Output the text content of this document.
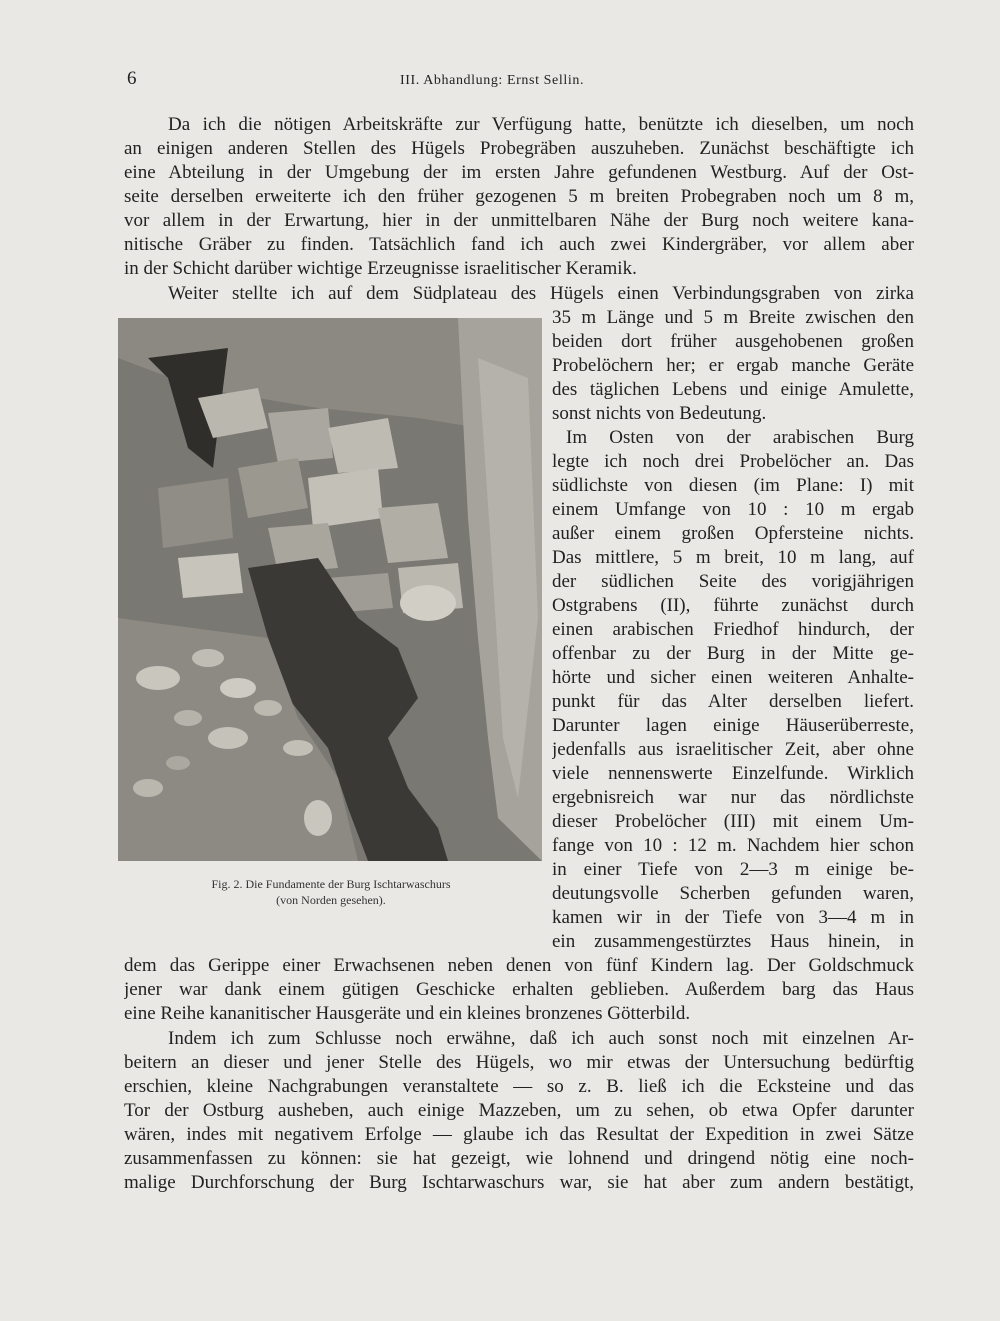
6	III. Abhandlung: Ernst Sellin.
Da ich die nötigen Arbeitskräfte zur Verfügung hatte, benützte ich dieselben, um noch
an einigen anderen Stellen des Hügels Probegräben auszuheben. Zunächst beschäftigte ich
eine Abteilung in der Umgebung der im ersten Jahre gefundenen Westburg. Auf der Ost-
seite derselben erweiterte ich den früher gezogenen 5 m breiten Probegraben noch um 8 m,
vor allem in der Erwartung, hier in der unmittelbaren Nähe der Burg noch weitere kana-
nitische Gräber zu finden. Tatsächlich fand ich auch zwei Kindergräber, vor allem aber
in der Schicht darüber wichtige Erzeugnisse israelitischer Keramik.
Weiter stellte ich auf dem Südplateau des Hügels einen Verbindungsgraben von zirka
35 m Länge und 5 m Breite zwischen den
beiden dort früher ausgehobenen großen
Probelöchern her; er ergab manche Geräte
des täglichen Lebens und einige Amulette,
sonst nichts von Bedeutung.
Im Osten von der arabischen Burg
legte ich noch drei Probelöcher an. Das
südlichste von diesen (im Plane: I) mit
einem Umfange von 10 : 10 m ergab
außer einem großen Opfersteine nichts.
Das mittlere, 5 m breit, 10 m lang, auf
der südlichen Seite des vorigjährigen
Ostgrabens (II), führte zunächst durch
einen arabischen Friedhof hindurch, der
offenbar zu der Burg in der Mitte ge-
hörte und sicher einen weiteren Anhalte-
punkt für das Alter derselben liefert.
Darunter lagen einige Häuserüberreste,
jedenfalls aus israelitischer Zeit, aber ohne
viele nennenswerte Einzelfunde. Wirklich
ergebnisreich war nur das nördlichste
dieser Probelöcher (III) mit einem Um-
fange von 10 : 12 m. Nachdem hier schon
in einer Tiefe von 2—3 m einige be-
deutungsvolle Scherben gefunden waren,
kamen wir in der Tiefe von 3—4 m in
ein zusammengestürztes Haus hinein, in
dem das Gerippe einer Erwachsenen neben denen von fünf Kindern lag. Der Goldschmuck
jener war dank einem gütigen Geschicke erhalten geblieben. Außerdem barg das Haus
eine Reihe kananitischer Hausgeräte und ein kleines bronzenes Götterbild.
Indem ich zum Schlusse noch erwähne, daß ich auch sonst noch mit einzelnen Ar-
beitern an dieser und jener Stelle des Hügels, wo mir etwas der Untersuchung bedürftig
erschien, kleine Nachgrabungen veranstaltete — so z. B. ließ ich die Ecksteine und das
Tor der Ostburg ausheben, auch einige Mazzeben, um zu sehen, ob etwa Opfer darunter
wären, indes mit negativem Erfolge — glaube ich das Resultat der Expedition in zwei Sätze
zusammenfassen zu können: sie hat gezeigt, wie lohnend und dringend nötig eine noch-
malige Durchforschung der Burg Ischtarwaschurs war, sie hat aber zum andern bestätigt,
Fig. 2. Die Fundamente der Burg Ischtarwaschurs
(von Norden gesehen).
